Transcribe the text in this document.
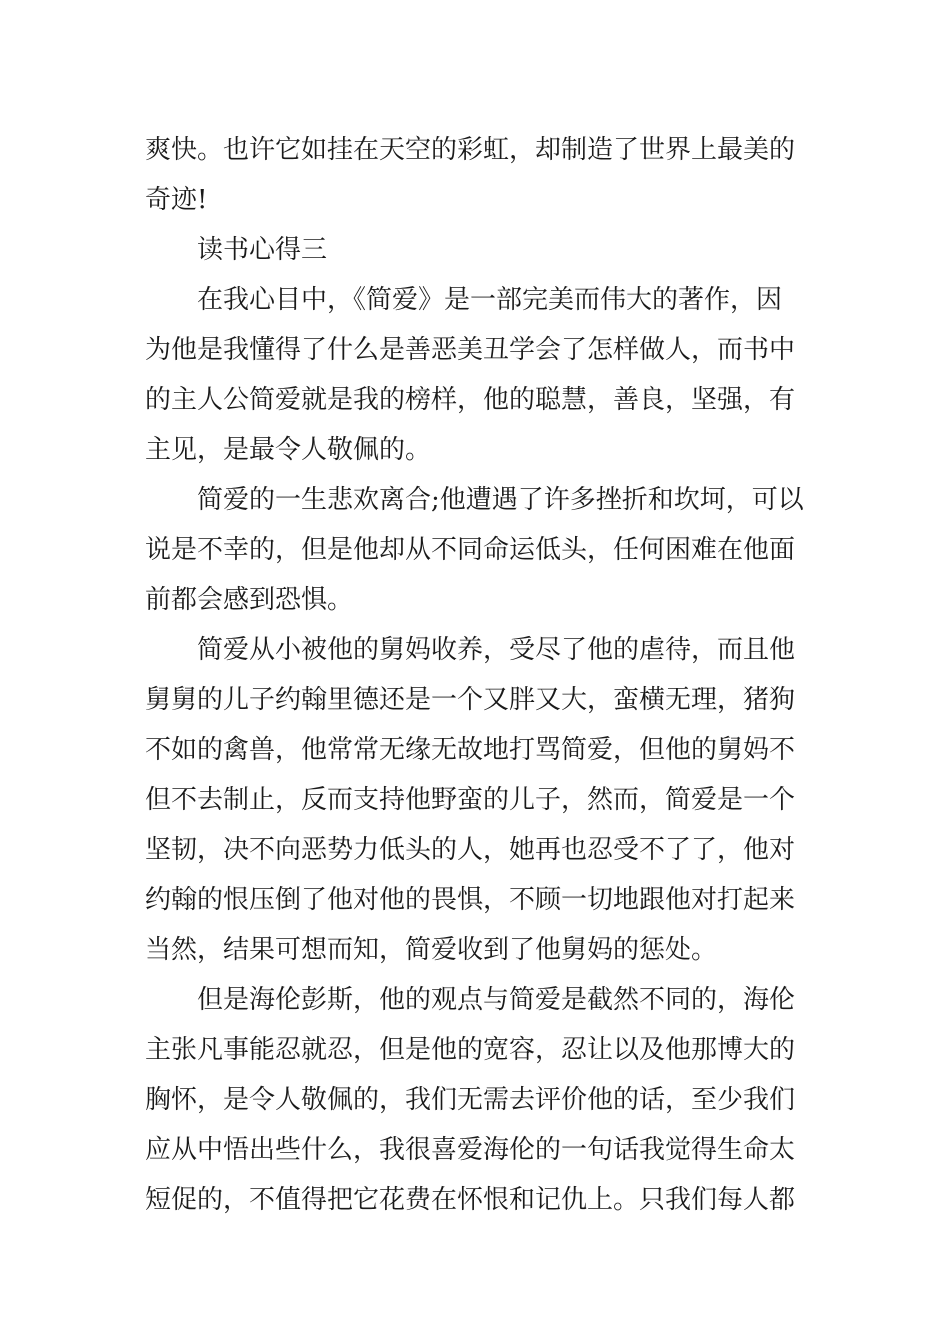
爽快。也许它如挂在天空的彩虹，却制造了世界上最美的
奇迹!
读书心得三
在我心目中，《简爱》是一部完美而伟大的著作，因
为他是我懂得了什么是善恶美丑学会了怎样做人，而书中
的主人公简爱就是我的榜样，他的聪慧，善良，坚强，有
主见，是最令人敬佩的。
简爱的一生悲欢离合;他遭遇了许多挫折和坎坷，可以
说是不幸的，但是他却从不同命运低头，任何困难在他面
前都会感到恐惧。
简爱从小被他的舅妈收养，受尽了他的虐待，而且他
舅舅的儿子约翰里德还是一个又胖又大，蛮横无理，猪狗
不如的禽兽，他常常无缘无故地打骂简爱，但他的舅妈不
但不去制止，反而支持他野蛮的儿子，然而，简爱是一个
坚韧，决不向恶势力低头的人，她再也忍受不了了，他对
约翰的恨压倒了他对他的畏惧，不顾一切地跟他对打起来
当然，结果可想而知，简爱收到了他舅妈的惩处。
但是海伦彭斯，他的观点与简爱是截然不同的，海伦
主张凡事能忍就忍，但是他的宽容，忍让以及他那博大的
胸怀，是令人敬佩的，我们无需去评价他的话，至少我们
应从中悟出些什么，我很喜爱海伦的一句话我觉得生命太
短促的，不值得把它花费在怀恨和记仇上。只我们每人都
